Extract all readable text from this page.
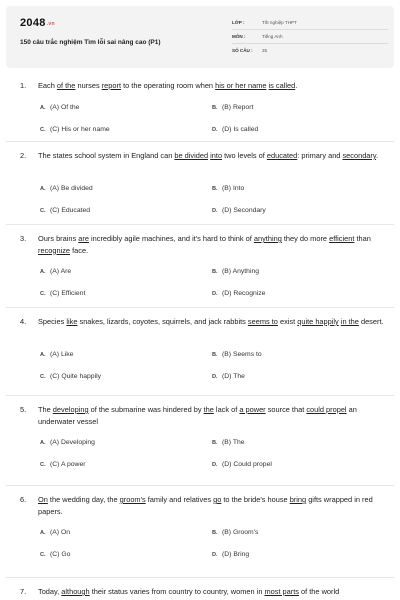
2048.vn
150 câu trắc nghiệm Tìm lỗi sai nâng cao (P1)
LỚP :	Tốt nghiệp THPT
MÔN :	Tiếng Anh
SỐ CÂU : 25
1.	Each of the nurses report to the operating room when his or her name is called.
A. (A) Of the	B. (B) Report
C. (C) His or her name	D. (D) Is called
2.	The states school system in England can be divided into two levels of educated: primary and secondary.
A. (A) Be divided	B. (B) Into
C. (C) Educated	D. (D) Secondary
3.	Ours brains are incredibly agile machines, and it's hard to think of anything they do more efficient than recognize face.
A. (A) Are	B. (B) Anything
C. (C) Efficient	D. (D) Recognize
4.	Species like snakes, lizards, coyotes, squirrels, and jack rabbits seems to exist quite happily in the desert.
A. (A) Like	B. (B) Seems to
C. (C) Quite happily	D. (D) The
5.	The developing of the submarine was hindered by the lack of a power source that could propel an underwater vessel
A. (A) Developing	B. (B) The
C. (C) A power	D. (D) Could propel
6.	On the wedding day, the groom's family and relatives go to the bride's house bring gifts wrapped in red papers.
A. (A) On	B. (B) Groom's
C. (C) Go	D. (D) Bring
7.	Today, although their status varies from country to country, women in most parts of the world
